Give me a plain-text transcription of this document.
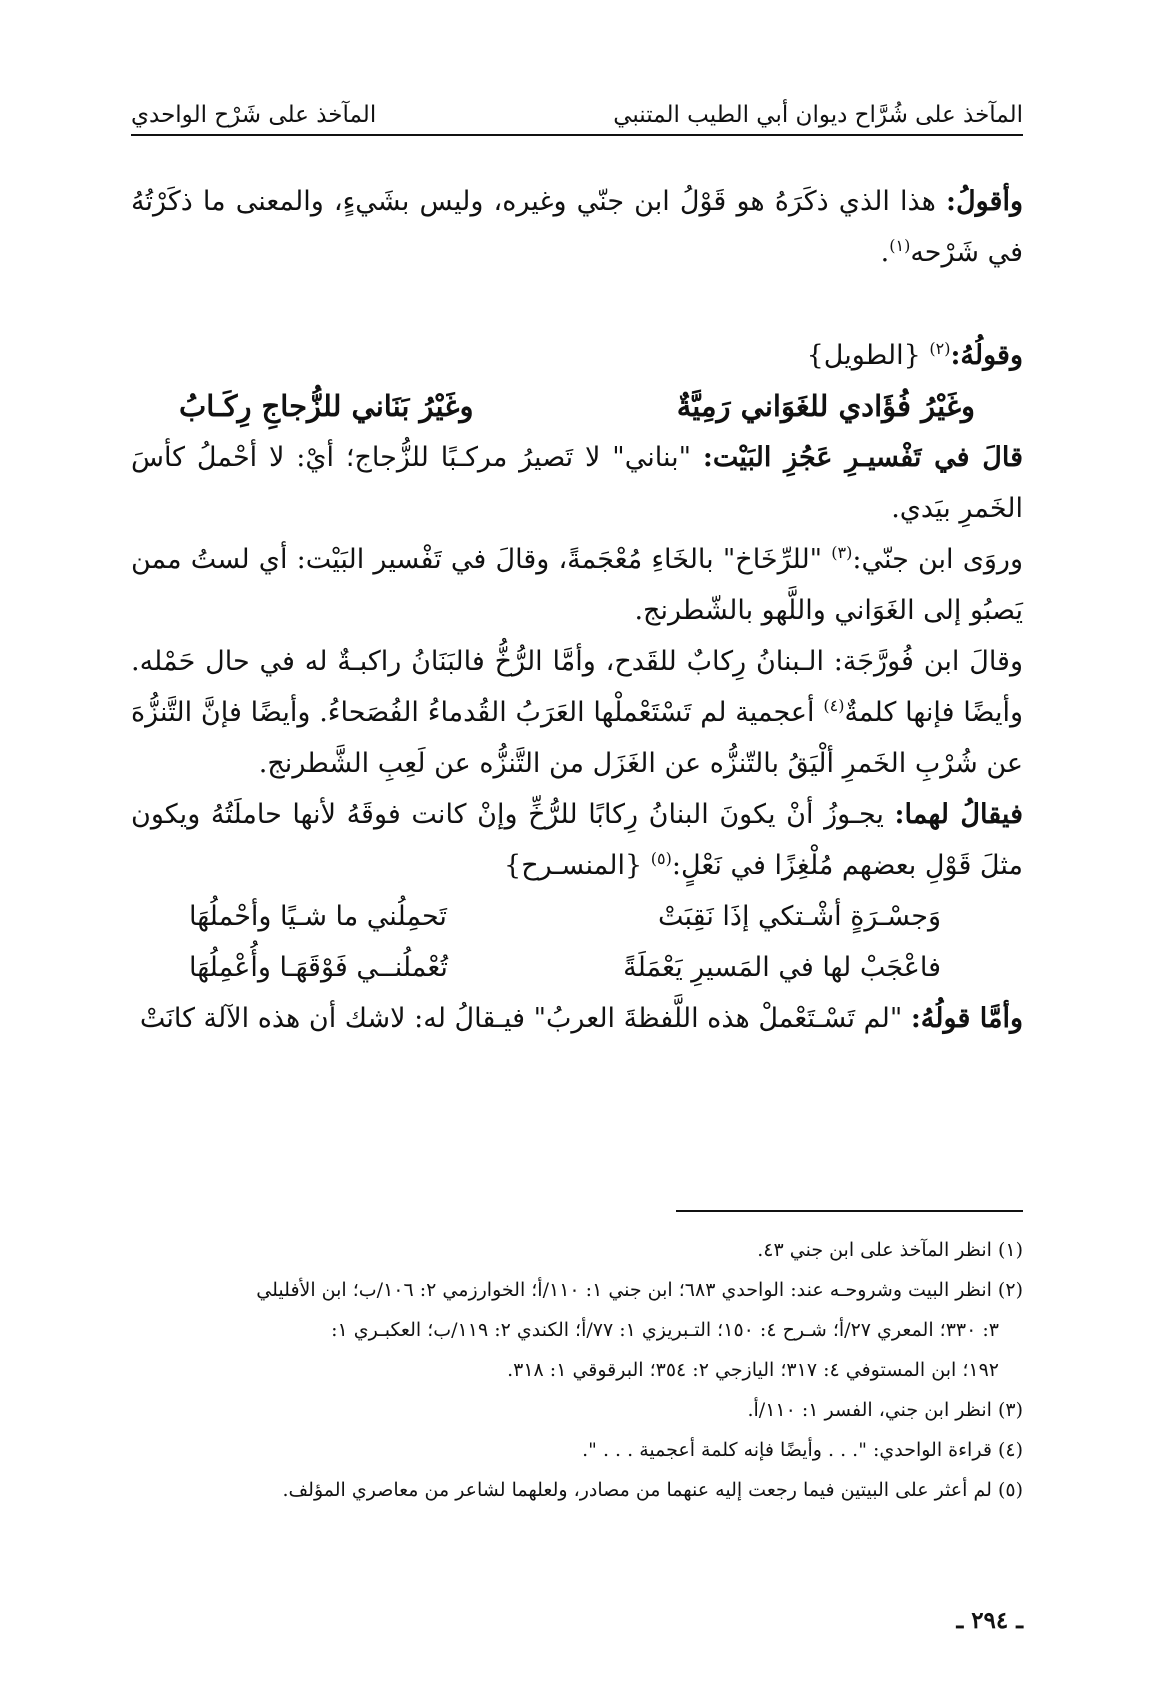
المآخذ على شُرَّاح ديوان أبي الطيب المتنبي
المآخذ على شَرْح الواحدي

وأقولُ: هذا الذي ذكَرَهُ هو قَوْلُ ابن جنّي وغيره، وليس بشَيءٍ، والمعنى ما ذكَرْتُهُ في شَرْحه$^{(١)}$.

وقولُهُ:$^{(٢)}$ {الطويل}

وغَيْرُ فُؤَادي للغَوَاني رَمِيَّةٌ
وغَيْرُ بَنَاني للزُّجاجِ رِكَـابُ

قالَ في تَفْسيـرِ عَجُزِ البَيْت: "بناني" لا تَصيرُ مركـبًا للزُّجاج؛ أيْ: لا أحْملُ كأسَ الخَمرِ بيَدي.

وروَى ابن جنّي:$^{(٣)}$ "للرِّخَاخ" بالخَاءِ مُعْجَمةً، وقالَ في تَفْسير البَيْت: أي لستُ ممن يَصبُو إلى الغَوَاني واللَّهو بالشّطرنج.

وقالَ ابن فُورَّجَة: الـبنانُ رِكابٌ للقَدح، وأمَّا الرُّخُّ فالبَنَانُ راكبـةٌ له في حال حَمْله. وأيضًا فإنها كلمةٌ$^{(٤)}$ أعجمية لم تَسْتَعْملْها العَرَبُ القُدماءُ الفُصَحاءُ. وأيضًا فإنَّ التَّنزُّهَ عن شُرْبِ الخَمرِ ألْيَقُ بالتّنزُّه عن الغَزَل من التَّنزُّه عن لَعِبِ الشَّطرنج.

فيقالُ لهما: يجـوزُ أنْ يكونَ البنانُ رِكابًا للرُّخِّ وإنْ كانت فوقَهُ لأنها حاملَتُهُ ويكون مثلَ قَوْلِ بعضهم مُلْغِزًا في نَعْلٍ:$^{(٥)}$ {المنسـرح}

وَجسْـرَةٍ أشْـتكي إذَا نَقِبَتْ
تَحمِلُني ما شـيًا وأحْملُهَا
فاعْجَبْ لها في المَسيرِ يَعْمَلَةً
تُعْملُنــي فَوْقَهَـا وأُعْمِلُهَا

وأمَّا قولُهُ: "لم تَسْـتَعْملْ هذه اللَّفظةَ العربُ" فيـقالُ له: لاشك أن هذه الآلة كانَتْ

(١) انظر المآخذ على ابن جني ٤٣.

(٢) انظر البيت وشروحـه عند: الواحدي ٦٨٣؛ ابن جني ١: ١١٠/أ؛ الخوارزمي ٢: ١٠٦/ب؛ ابن الأفليلي

٣: ٣٣٠؛ المعري ٢٧/أ؛ شـرح ٤: ١٥٠؛ التـبريزي ١: ٧٧/أ؛ الكندي ٢: ١١٩/ب؛ العكبـري ١:

١٩٢؛ ابن المستوفي ٤: ٣١٧؛ اليازجي ٢: ٣٥٤؛ البرقوقي ١: ٣١٨.

(٣) انظر ابن جني، الفسر ١: ١١٠/أ.

(٤) قراءة الواحدي: ". . . وأيضًا فإنه كلمة أعجمية . . . ".

(٥) لم أعثر على البيتين فيما رجعت إليه عنهما من مصادر، ولعلهما لشاعر من معاصري المؤلف.

ـ ٢٩٤ ـ
